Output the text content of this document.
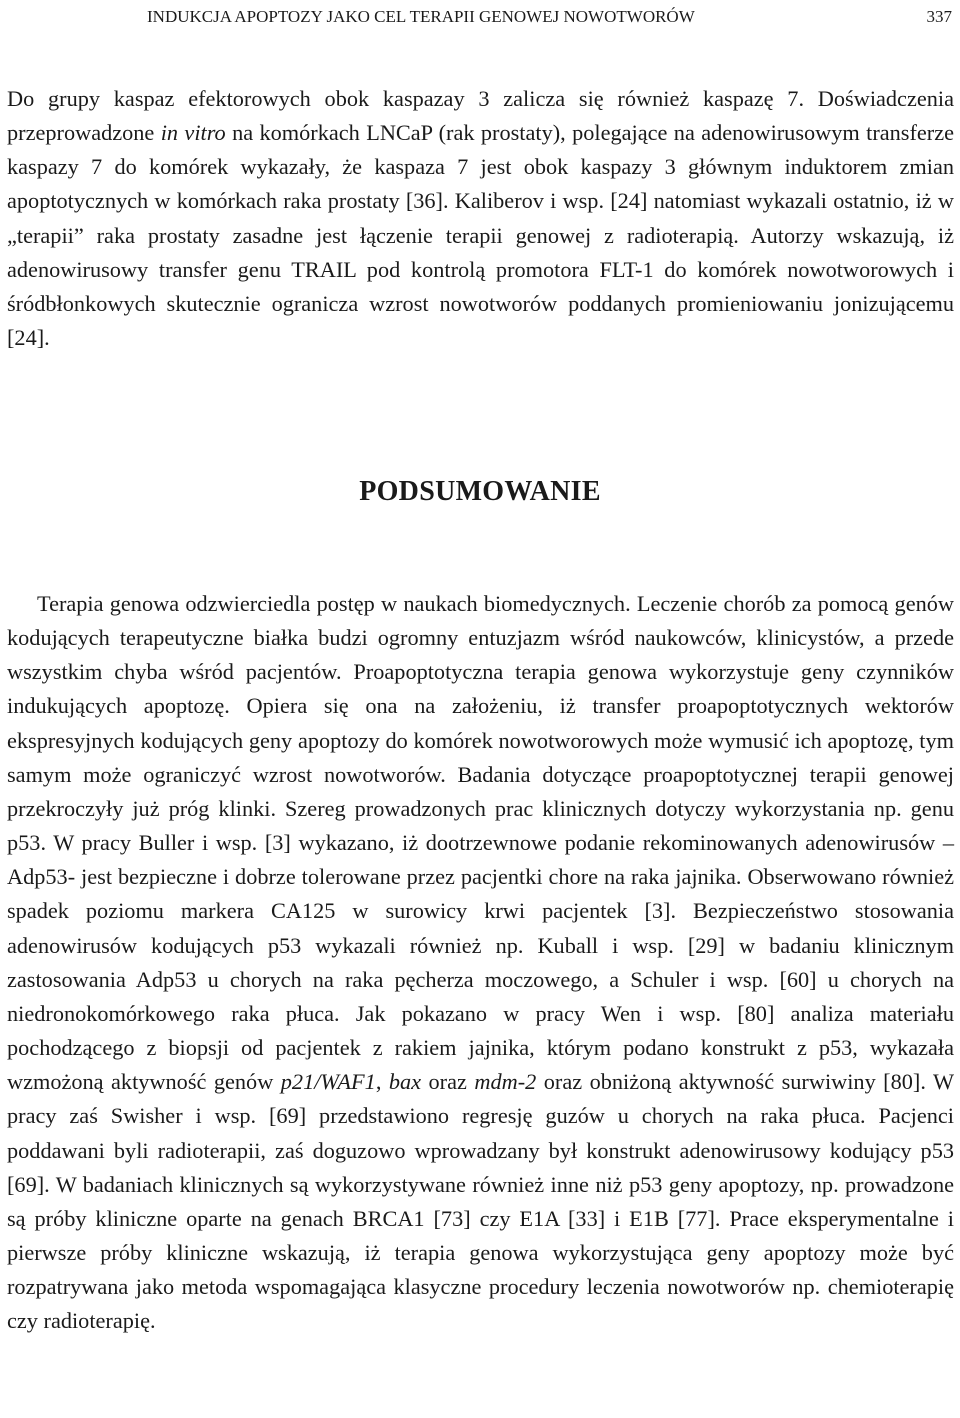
INDUKCJA APOPTOZY JAKO CEL TERAPII GENOWEJ NOWOTWORÓW	337

Do grupy kaspaz efektorowych obok kaspazay 3 zalicza się również kaspazę 7. Doświadczenia przeprowadzone in vitro na komórkach LNCaP (rak prostaty), polegające na adenowirusowym transferze kaspazy 7 do komórek wykazały, że kaspaza 7 jest obok kaspazy 3 głównym induktorem zmian apoptotycznych w komórkach raka prostaty [36]. Kaliberov i wsp. [24] natomiast wykazali ostatnio, iż w „terapii” raka prostaty zasadne jest łączenie terapii genowej z radioterapią. Autorzy wskazują, iż adenowirusowy transfer genu TRAIL pod kontrolą promotora FLT-1 do komórek nowotworowych i śródbłonkowych skutecznie ogranicza wzrost nowotworów poddanych promieniowaniu jonizującemu [24].

PODSUMOWANIE

Terapia genowa odzwierciedla postęp w naukach biomedycznych. Leczenie chorób za pomocą genów kodujących terapeutyczne białka budzi ogromny entuzjazm wśród naukowców, klinicystów, a przede wszystkim chyba wśród pacjentów. Proapoptotyczna terapia genowa wykorzystuje geny czynników indukujących apoptozę. Opiera się ona na założeniu, iż transfer proapoptotycznych wektorów ekspresyjnych kodujących geny apoptozy do komórek nowotworowych może wymusić ich apoptozę, tym samym może ograniczyć wzrost nowotworów. Badania dotyczące proapoptotycznej terapii genowej przekroczyły już próg klinki. Szereg prowadzonych prac klinicznych dotyczy wykorzystania np. genu p53. W pracy Buller i wsp. [3] wykazano, iż dootrzewnowe podanie rekominowanych adenowirusów –Adp53- jest bezpieczne i dobrze tolerowane przez pacjentki chore na raka jajnika. Obserwowano również spadek poziomu markera CA125 w surowicy krwi pacjentek [3]. Bezpieczeństwo stosowania adenowirusów kodujących p53 wykazali również np. Kuball i wsp. [29] w badaniu klinicznym zastosowania Adp53 u chorych na raka pęcherza moczowego, a Schuler i wsp. [60] u chorych na niedronokomórkowego raka płuca. Jak pokazano w pracy Wen i wsp. [80] analiza materiału pochodzącego z biopsji od pacjentek z rakiem jajnika, którym podano konstrukt z p53, wykazała wzmożoną aktywność genów p21/WAF1, bax oraz mdm-2 oraz obniżoną aktywność surwiwiny [80]. W pracy zaś Swisher i wsp. [69] przedstawiono regresję guzów u chorych na raka płuca. Pacjenci poddawani byli radioterapii, zaś doguzowo wprowadzany był konstrukt adenowirusowy kodujący p53 [69]. W badaniach klinicznych są wykorzystywane również inne niż p53 geny apoptozy, np. prowadzone są próby kliniczne oparte na genach BRCA1 [73] czy E1A [33] i E1B [77]. Prace eksperymentalne i pierwsze próby kliniczne wskazują, iż terapia genowa wykorzystująca geny apoptozy może być rozpatrywana jako metoda wspomagająca klasyczne procedury leczenia nowotworów np. chemioterapię czy radioterapię.
